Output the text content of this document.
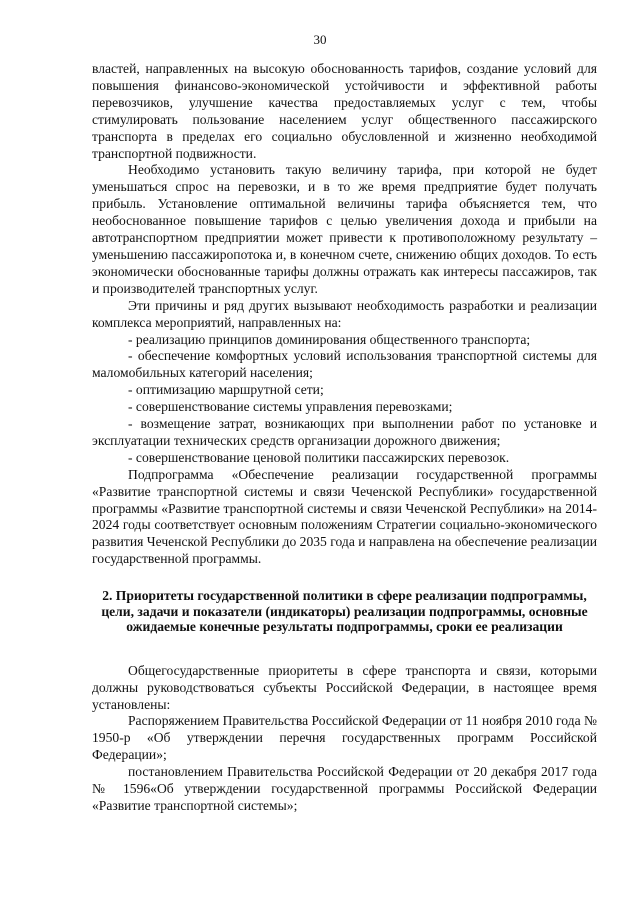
30

властей, направленных на высокую обоснованность тарифов, создание условий для повышения финансово-экономической устойчивости и эффективной работы перевозчиков, улучшение качества предоставляемых услуг с тем, чтобы стимулировать пользование населением услуг общественного пассажирского транспорта в пределах его социально обусловленной и жизненно необходимой транспортной подвижности.

Необходимо установить такую величину тарифа, при которой не будет уменьшаться спрос на перевозки, и в то же время предприятие будет получать прибыль. Установление оптимальной величины тарифа объясняется тем, что необоснованное повышение тарифов с целью увеличения дохода и прибыли на автотранспортном предприятии может привести к противоположному результату – уменьшению пассажиропотока и, в конечном счете, снижению общих доходов. То есть экономически обоснованные тарифы должны отражать как интересы пассажиров, так и производителей транспортных услуг.

Эти причины и ряд других вызывают необходимость разработки и реализации комплекса мероприятий, направленных на:

- реализацию принципов доминирования общественного транспорта;

- обеспечение комфортных условий использования транспортной системы для маломобильных категорий населения;

- оптимизацию маршрутной сети;

- совершенствование системы управления перевозками;

- возмещение затрат, возникающих при выполнении работ по установке и эксплуатации технических средств организации дорожного движения;

- совершенствование ценовой политики пассажирских перевозок.

Подпрограмма «Обеспечение реализации государственной программы «Развитие транспортной системы и связи Чеченской Республики» государственной программы «Развитие транспортной системы и связи Чеченской Республики» на 2014-2024 годы соответствует основным положениям Стратегии социально-экономического развития Чеченской Республики до 2035 года и направлена на обеспечение реализации государственной программы.

2. Приоритеты государственной политики в сфере реализации подпрограммы, цели, задачи и показатели (индикаторы) реализации подпрограммы, основные ожидаемые конечные результаты подпрограммы, сроки ее реализации

Общегосударственные приоритеты в сфере транспорта и связи, которыми должны руководствоваться субъекты Российской Федерации, в настоящее время установлены:

Распоряжением Правительства Российской Федерации от 11 ноября 2010 года № 1950-р «Об утверждении перечня государственных программ Российской Федерации»;

постановлением Правительства Российской Федерации от 20 декабря 2017 года № 1596«Об утверждении государственной программы Российской Федерации «Развитие транспортной системы»;
